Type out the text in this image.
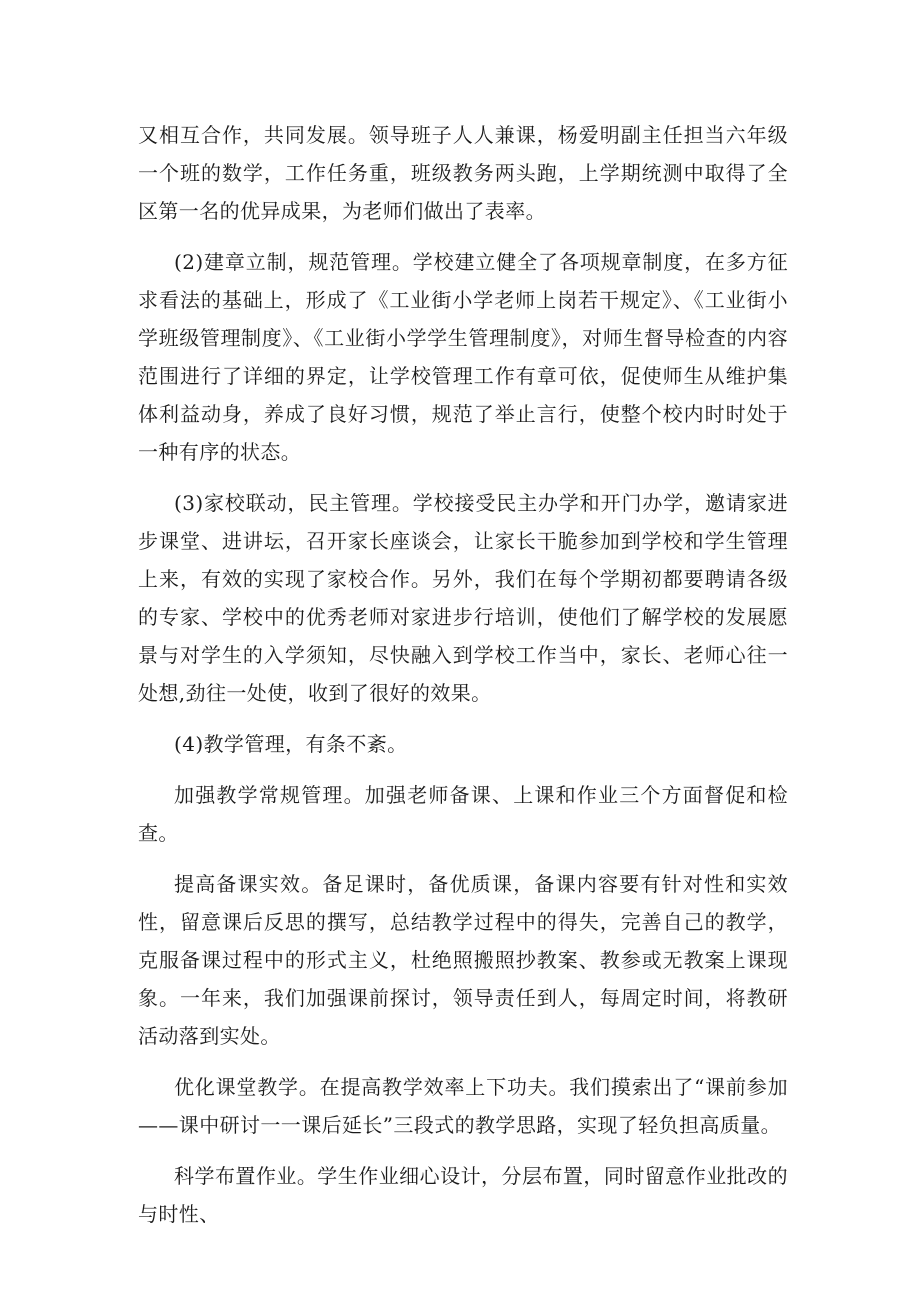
又相互合作，共同发展。领导班子人人兼课，杨爱明副主任担当六年级一个班的数学，工作任务重，班级教务两头跑，上学期统测中取得了全区第一名的优异成果，为老师们做出了表率。

(2)建章立制，规范管理。学校建立健全了各项规章制度，在多方征求看法的基础上，形成了《工业街小学老师上岗若干规定》、《工业街小学班级管理制度》、《工业街小学学生管理制度》，对师生督导检查的内容范围进行了详细的界定，让学校管理工作有章可依，促使师生从维护集体利益动身，养成了良好习惯，规范了举止言行，使整个校内时时处于一种有序的状态。

(3)家校联动，民主管理。学校接受民主办学和开门办学，邀请家进步课堂、进讲坛，召开家长座谈会，让家长干脆参加到学校和学生管理上来，有效的实现了家校合作。另外，我们在每个学期初都要聘请各级的专家、学校中的优秀老师对家进步行培训，使他们了解学校的发展愿景与对学生的入学须知，尽快融入到学校工作当中，家长、老师心往一处想,劲往一处使，收到了很好的效果。

(4)教学管理，有条不紊。

加强教学常规管理。加强老师备课、上课和作业三个方面督促和检查。

提高备课实效。备足课时，备优质课，备课内容要有针对性和实效性，留意课后反思的撰写，总结教学过程中的得失，完善自己的教学，克服备课过程中的形式主义，杜绝照搬照抄教案、教参或无教案上课现象。一年来，我们加强课前探讨，领导责任到人，每周定时间，将教研活动落到实处。

优化课堂教学。在提高教学效率上下功夫。我们摸索出了“课前参加——课中研讨一一课后延长”三段式的教学思路，实现了轻负担高质量。

科学布置作业。学生作业细心设计，分层布置，同时留意作业批改的与时性、
